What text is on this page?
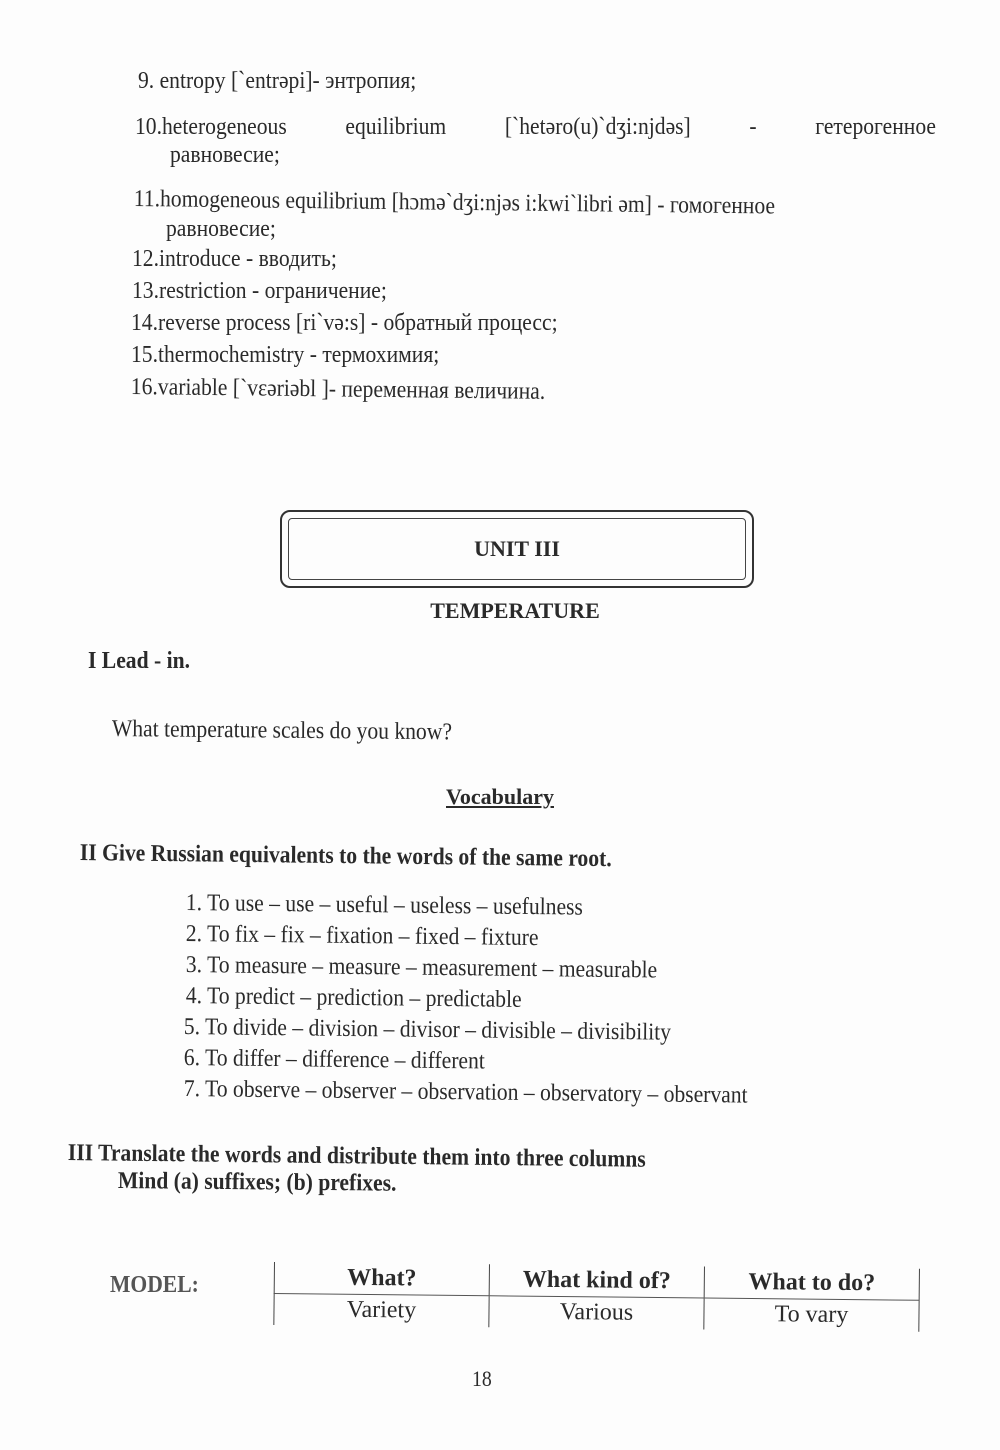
9. entropy [`entrəpi]- энтропия;
10.heterogeneous equilibrium [`hetəro(u)`dʒi:njdəs] - гетерогенное
равновесие;
11.homogeneous equilibrium [hɔmə`dʒi:njəs i:kwi`libri əm] - гомогенное
равновесие;
12.introduce - вводить;
13.restriction - ограничение;
14.reverse process [ri`və:s] - обратный процесс;
15.thermochemistry - термохимия;
16.variable [`vεəriəbl ]- переменная величина.
UNIT III
TEMPERATURE
I Lead - in.
What temperature scales do you know?
Vocabulary
II Give Russian equivalents to the words of the same root.
1. To use – use – useful – useless – usefulness
2. To fix – fix – fixation – fixed – fixture
3. To measure – measure – measurement – measurable
4. To predict – prediction – predictable
5. To divide – division – divisor – divisible – divisibility
6. To differ – difference – different
7. To observe – observer – observation – observatory – observant
III Translate the words and distribute them into three columns
Mind (a) suffixes; (b) prefixes.
MODEL:	What?	What kind of?	What to do?
Variety	Various	To vary
18
